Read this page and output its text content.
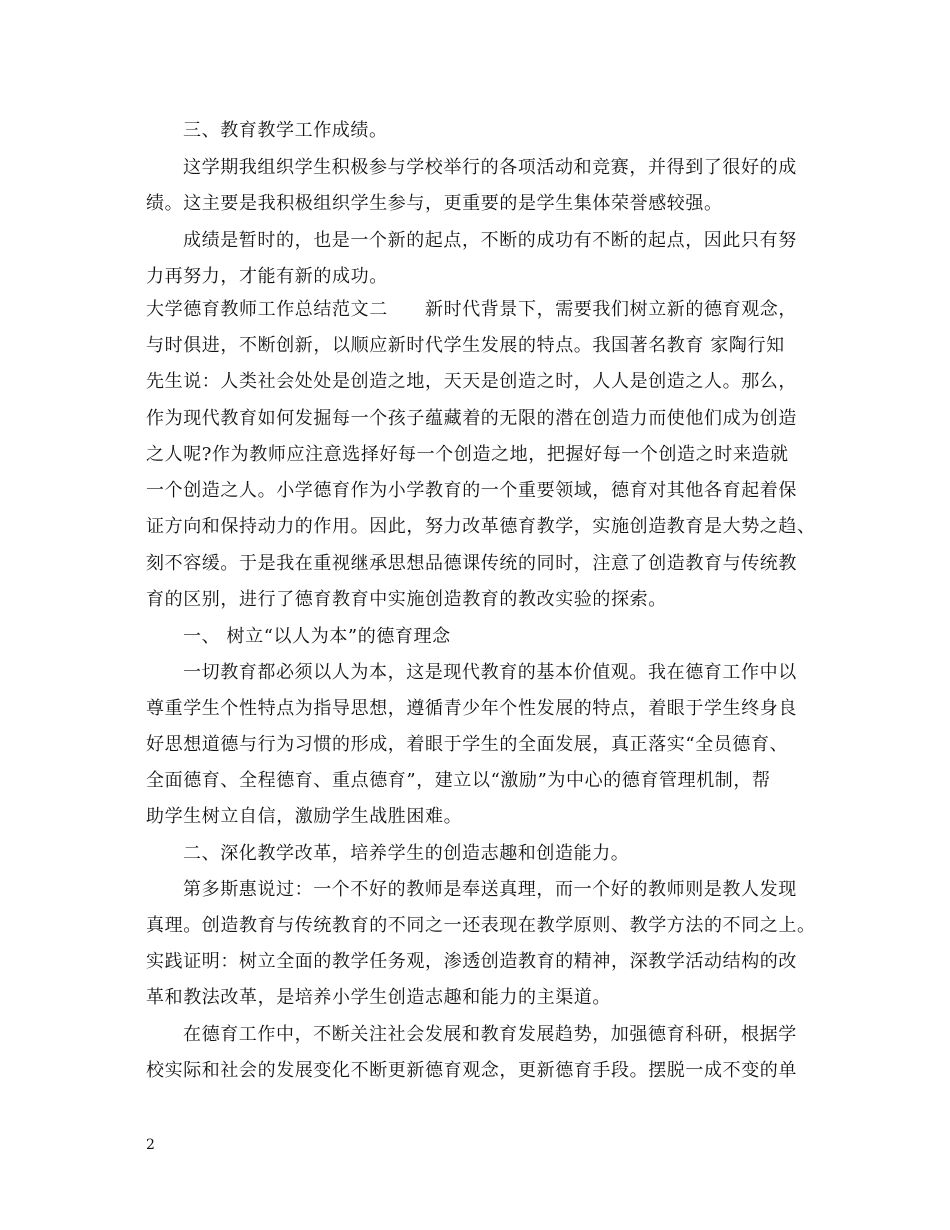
三、教育教学工作成绩。
这学期我组织学生积极参与学校举行的各项活动和竞赛，并得到了很好的成
绩。这主要是我积极组织学生参与，更重要的是学生集体荣誉感较强。
成绩是暂时的，也是一个新的起点，不断的成功有不断的起点，因此只有努
力再努力，才能有新的成功。
大学德育教师工作总结范文二　　新时代背景下，需要我们树立新的德育观念，
与时俱进，不断创新，以顺应新时代学生发展的特点。我国著名教育 家陶行知
先生说：人类社会处处是创造之地，天天是创造之时，人人是创造之人。那么，
作为现代教育如何发掘每一个孩子蕴藏着的无限的潜在创造力而使他们成为创造
之人呢?作为教师应注意选择好每一个创造之地，把握好每一个创造之时来造就
一个创造之人。小学德育作为小学教育的一个重要领域，德育对其他各育起着保
证方向和保持动力的作用。因此，努力改革德育教学，实施创造教育是大势之趋、
刻不容缓。于是我在重视继承思想品德课传统的同时，注意了创造教育与传统教
育的区别，进行了德育教育中实施创造教育的教改实验的探索。
一、 树立“以人为本”的德育理念
一切教育都必须以人为本，这是现代教育的基本价值观。我在德育工作中以
尊重学生个性特点为指导思想，遵循青少年个性发展的特点，着眼于学生终身良
好思想道德与行为习惯的形成，着眼于学生的全面发展，真正落实“全员德育、
全面德育、全程德育、重点德育”，建立以“激励”为中心的德育管理机制，帮
助学生树立自信，激励学生战胜困难。
二、深化教学改革，培养学生的创造志趣和创造能力。
第多斯惠说过：一个不好的教师是奉送真理，而一个好的教师则是教人发现
真理。创造教育与传统教育的不同之一还表现在教学原则、教学方法的不同之上。
实践证明：树立全面的教学任务观，渗透创造教育的精神，深教学活动结构的改
革和教法改革，是培养小学生创造志趣和能力的主渠道。
在德育工作中，不断关注社会发展和教育发展趋势，加强德育科研，根据学
校实际和社会的发展变化不断更新德育观念，更新德育手段。摆脱一成不变的单
2
